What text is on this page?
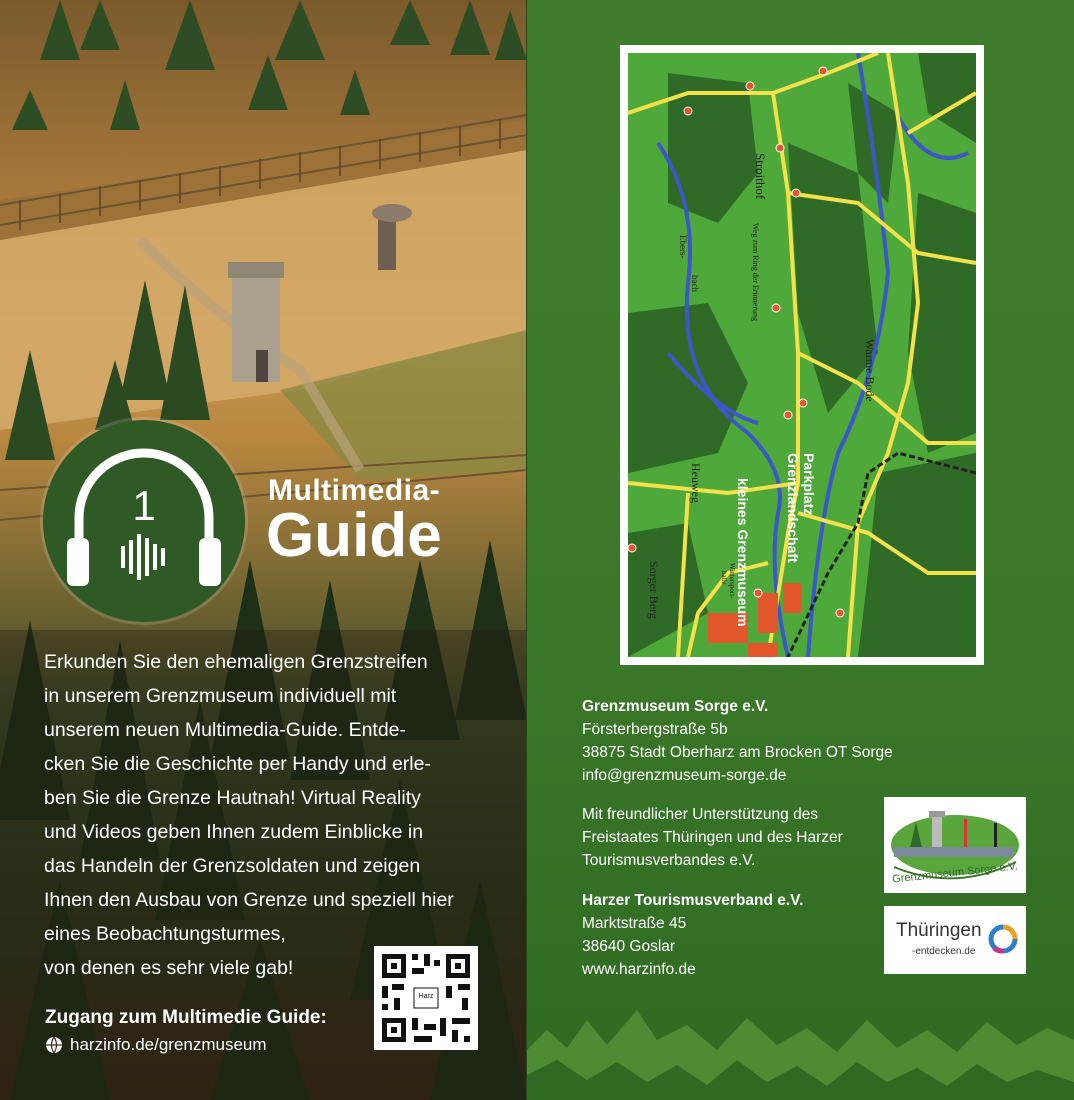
1	Multimedia-
Guide
Erkunden Sie den ehemaligen Grenzstreifen
in unserem Grenzmuseum individuell mit
unserem neuen Multimedia-Guide. Entde-
cken Sie die Geschichte per Handy und erle-
ben Sie die Grenze Hautnah! Virtual Reality
und Videos geben Ihnen zudem Einblicke in
das Handeln der Grenzsoldaten und zeigen
Ihnen den Ausbau von Grenze und speziell hier
eines Beobachtungsturmes,
von denen es sehr viele gab!
Zugang zum Multimedie Guide:
harzinfo.de/grenzmuseum
Harz
Stroithof
Ebers-
bach	Weg zum Ring der Erinnerung
Warme Bode
Heuweg
Wintersport-
halle
Sorger Berg	kleines Grenzmuseum	Parkplatz
Grenzlandschaft
Grenzmuseum Sorge e.V.
Försterbergstraße 5b
38875 Stadt Oberharz am Brocken OT Sorge
info@grenzmuseum-sorge.de
Mit freundlicher Unterstützung des
Freistaates Thüringen und des Harzer
Tourismusverbandes e.V.
Harzer Tourismusverband e.V.
Marktstraße 45
38640 Goslar
www.harzinfo.de
Grenzmuseum Sorge e.V.
Thüringen
-entdecken.de
